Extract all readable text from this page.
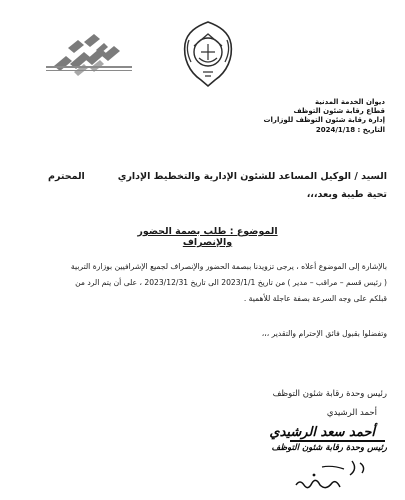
ديوان الخدمة المدنية
قطاع رقابة شئون التوظف
إدارة رقابة شئون التوظف للوزارات
التاريخ : 2024/1/18
السيد / الوكيل المساعد للشئون الإدارية والتخطيط الإداري
المحترم
تحية طيبة وبعد،،،
الموضوع : طلب بصمة الحضور والإنصراف
بالإشارة إلى الموضوع أعلاه ، يرجى تزويدنا ببصمة الحضور والإنصراف لجميع الإشرافيين بوزارة التربية
( رئيس قسم – مراقب – مدير ) من تاريخ 2023/1/1 الى تاريخ 2023/12/31 ، على أن يتم الرد من
قبلكم على وجه السرعة بصفة عاجلة للأهمية .
وتفضلوا بقبول فائق الإحترام والتقدير ،،،
رئيس وحدة رقابة شئون التوظف
أحمد الرشيدي
أحمد سعد الرشيدي
رئيس وحدة رقابة شئون التوظف
